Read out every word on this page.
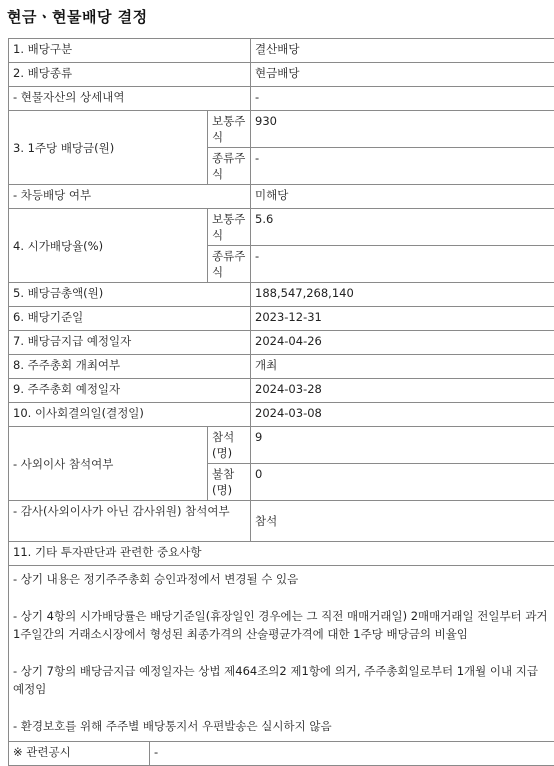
현금ㆍ현물배당 결정
1. 배당구분			결산배당
2. 배당종류			현금배당
- 현물자산의 상세내역			-
3. 1주당 배당금(원)		보통주식	930
		종류주식	-
- 차등배당 여부			미해당
4. 시가배당율(%)		보통주식	5.6
		종류주식	-
5. 배당금총액(원)			188,547,268,140
6. 배당기준일			2023-12-31
7. 배당금지급 예정일자			2024-04-26
8. 주주총회 개최여부			개최
9. 주주총회 예정일자			2024-03-28
10. 이사회결의일(결정일)			2024-03-08
- 사외이사 참석여부		참석(명)	9
		불참(명)	0
- 감사(사외이사가 아닌 감사위원) 참석여부			참석
11. 기타 투자판단과 관련한 중요사항			

- 상기 내용은 정기주주총회 승인과정에서 변경될 수 있음

- 상기 4항의 시가배당률은 배당기준일(휴장일인 경우에는 그 직전 매매거래일) 2매매거래일 전일부터 과거 1주일간의 거래소시장에서 형성된 최종가격의 산술평균가격에 대한 1주당 배당금의 비율임

- 상기 7항의 배당금지급 예정일자는 상법 제464조의2 제1항에 의거, 주주총회일로부터 1개월 이내 지급 예정임

- 환경보호를 위해 주주별 배당통지서 우편발송은 실시하지 않음			

※ 관련공시	-		
